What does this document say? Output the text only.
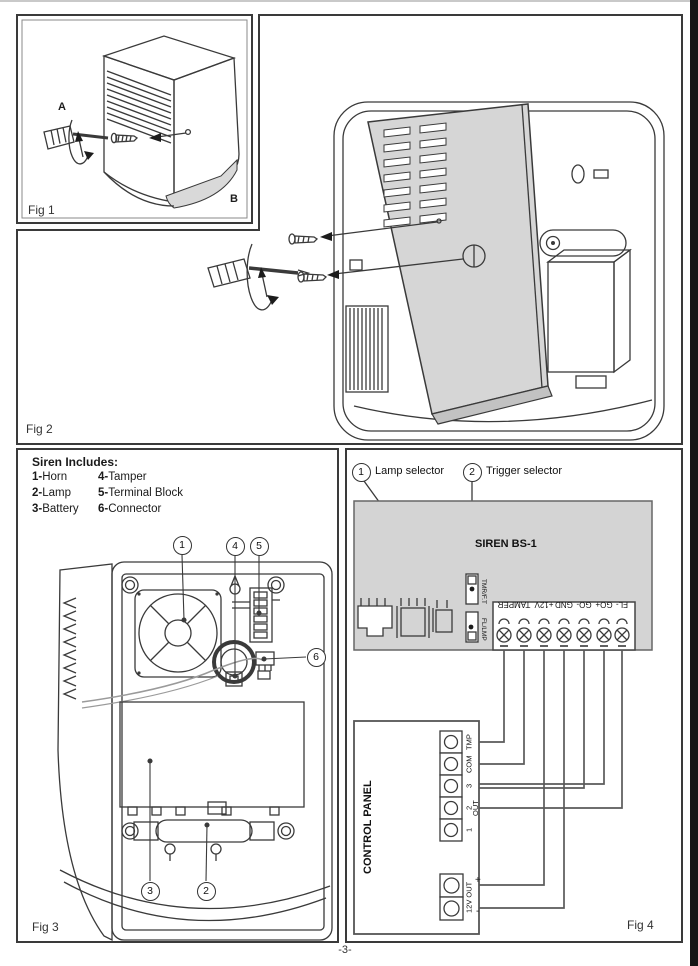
Fig 1
A
B
Fig 2
Siren Includes:
1-Horn
2-Lamp
3-Battery
4-Tamper
5-Terminal Block
6-Connector
1	4	5
6
3	2
Fig 3
1	Lamp selector	2	Trigger selector
SIREN BS-1
TMR/F.T
FL/LMP
TAMPER +12V GND GO- GO+ FL-
CONTROL PANEL
TMP
COM
3
2
OUT
1
12V OUT
+
-
Fig 4
-3-
